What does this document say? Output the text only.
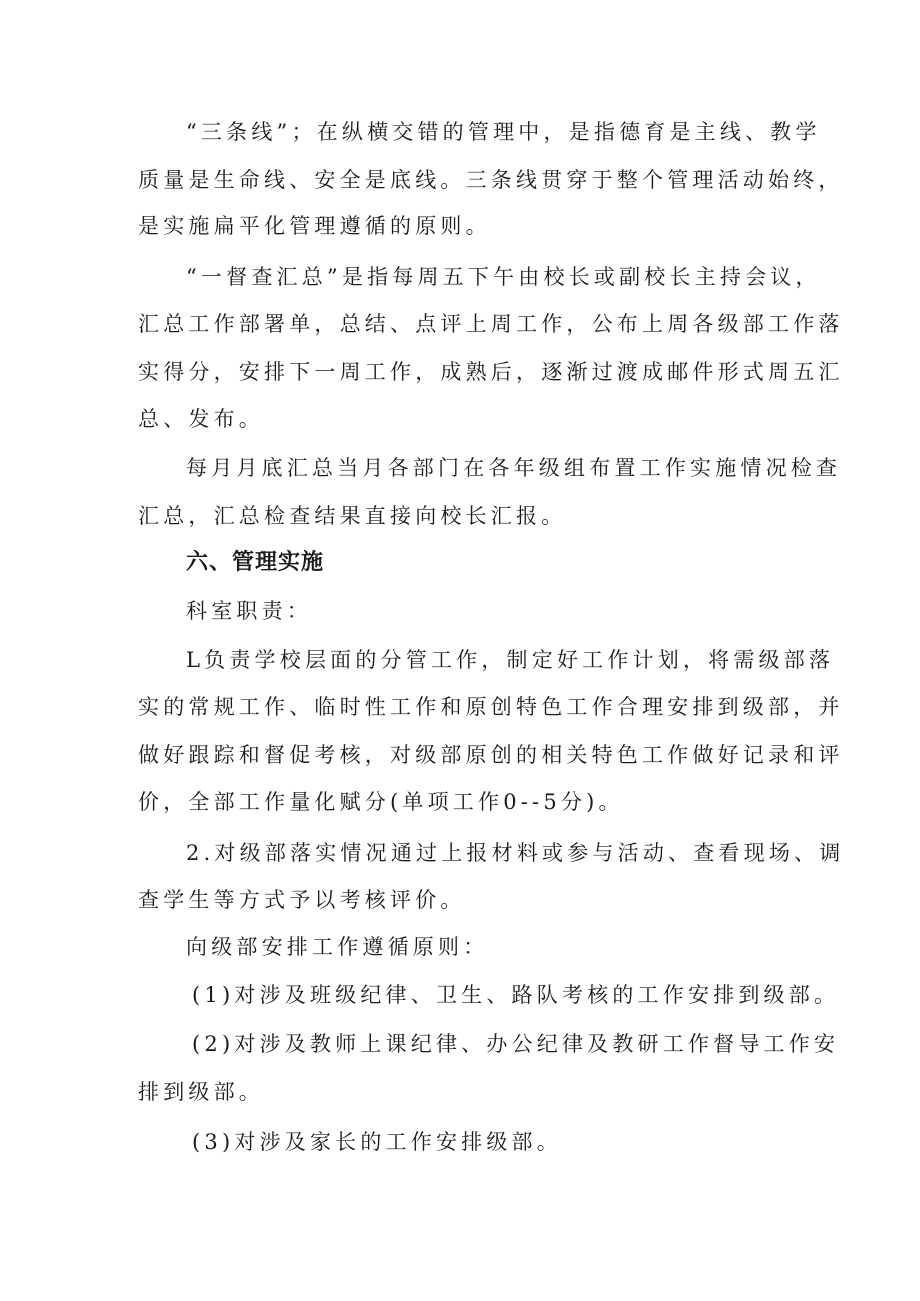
“三条线”；在纵横交错的管理中，是指德育是主线、教学
质量是生命线、安全是底线。三条线贯穿于整个管理活动始终，
是实施扁平化管理遵循的原则。
“一督查汇总”是指每周五下午由校长或副校长主持会议，
汇总工作部署单，总结、点评上周工作，公布上周各级部工作落
实得分，安排下一周工作，成熟后，逐渐过渡成邮件形式周五汇
总、发布。
每月月底汇总当月各部门在各年级组布置工作实施情况检查
汇总，汇总检查结果直接向校长汇报。
六、管理实施
科室职责：
L负责学校层面的分管工作，制定好工作计划，将需级部落
实的常规工作、临时性工作和原创特色工作合理安排到级部，并
做好跟踪和督促考核，对级部原创的相关特色工作做好记录和评
价，全部工作量化赋分(单项工作0--5分)。
2.对级部落实情况通过上报材料或参与活动、查看现场、调
查学生等方式予以考核评价。
向级部安排工作遵循原则：
(1)对涉及班级纪律、卫生、路队考核的工作安排到级部。
(2)对涉及教师上课纪律、办公纪律及教研工作督导工作安
排到级部。
(3)对涉及家长的工作安排级部。
